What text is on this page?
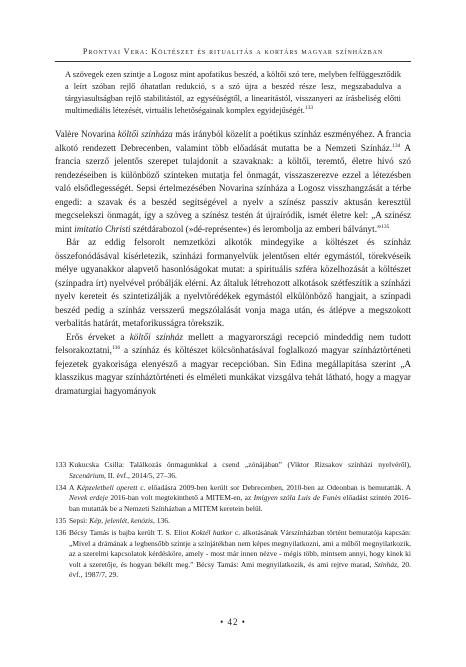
Prontvai Vera: Költészet és ritualitás a kortárs magyar színházban

A szövegek ezen szintje a Logosz mint apofatikus beszéd, a költői szó tere, melyben felfüggesztődik a leírt szóban rejlő óhatatlan redukció, s a szó újra a beszéd része lesz, megszabadulva a tárgyiasultságban rejlő stabilitástól, az egyséüségtől, a linearitástól, visszanyeri az írásbeliség előtti multimediális létezését, virtuális lehetőségainak komplex egyidejűségét.$^{133}$

Valère Novarina költői színháza más irányból közelít a poétikus színház eszményéhez. A francia alkotó rendezett Debrecenben, valamint több előadását mutatta be a Nemzeti Színház.$^{134}$ A francia szerző jelentős szerepet tulajdonít a szavaknak: a költői, teremtő, életre hívó szó rendezéseiben is különböző szinteken mutatja fel önmagát, visszaszerezve ezzel a létezésben való elsődlegességét. Sepsi értelmezésében Novarina színháza a Logosz visszhangzását a térbe engedi: a szavak és a beszéd segítségével a nyelv a színész passzív aktusán keresztül megcselekszi önmagát, így a szöveg a színész testén át újraíródik, ismét életre kel: „A színész mint imitatio Christi szétdárabozol (»dé-représente«) és lerombolja az emberi bálványt.”$^{135}$

Bár az eddig felsorolt nemzetközi alkotók mindegyike a költészet és színház összefonódásával kísérletezik, színházi formanyelvük jelentősen eltér egymástól, törekvéseik mélye ugyanakkor alapvető hasonlóságokat mutat: a spirituális szférа közelhozását a költészet (színpadra írt) nyelvével próbálják elérni. Az általuk létrehozott alkotások szétfeszítik a színházi nyelv kereteit és szintetizálják a nyelvtörédékek egymástól elkülönböző hangjait, a színpadi beszéd pedig a színház versszerű megszólalását vonja maga után, és átlépve a megszokott verbalitás határát, metaforikusságra törekszik.

Erős érveket a költői színház mellett a magyarországi recepció mindeddig nem tudott felsorakoztatni,$^{136}$ a színház és költészet kölcsönhatásával foglalkozó magyar színháztörténeti fejezetek gyakorisága elenyésző a magyar recepcióban. Sin Edina megállapítása szerint „A klasszikus magyar színháztörténeti és elméleti munkákat vizsgálva tehát látható, hogy a magyar dramaturgiai hagyományok

133 Kukucska Csilla: Találkozás önmagunkkal a csend „zónájában” (Viktor Rizsakov színházi nyelvéről), Szcenárium, II. évf., 2014/5, 27–36.
134 A Képzeletbeli operett c. előadásra 2009-ben került sor Debrecenben, 2010-ben az Odeonban is bemutatták. A Nevek erdeje 2016-ban volt megtekinthető a MITEM-en, az Imígyen szóla Luis de Funès előadást szintén 2016-ban mutatták be a Nemzeti Színházban a MITEM keretein belül.
135 Sepsi: Kép, jelenlét, kenózis, 136.
136 Bécsy Tamás is bajba került T. S. Eliot Koktél hatkor c. alkotásának Várszínházban történt bemutatója kapcsán: „Mivel a drámának a legbensőbb szintje a színjátékban nem képes megnyilatkozni, ami a műből megnyilatkozik, az a szerelmi kapcsolatok kérdésköre, amely - most már innen nézve - mégis több, mintsem annyi, hogy kinek ki volt a szeretője, és hogyan békélt meg.” Bécsy Tamás: Ami megnyilatkozik, és ami rejtve marad, Színház, 20. évf., 1987/7, 29.
• 42 •
